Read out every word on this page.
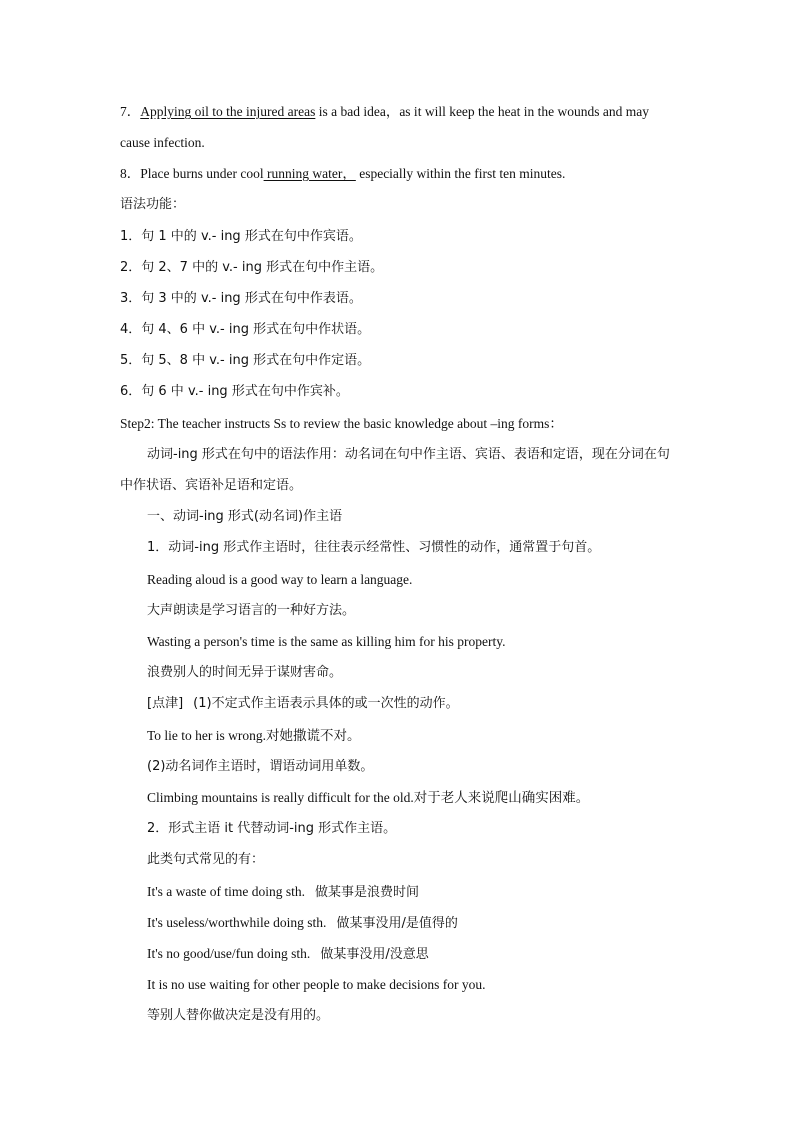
7．Applying oil to the injured areas is a bad idea，as it will keep the heat in the wounds and may
cause infection.
8．Place burns under cool running water， especially within the first ten minutes.
语法功能：
1．句 1 中的 v.- ing 形式在句中作宾语。
2．句 2、7 中的 v.- ing 形式在句中作主语。
3．句 3 中的 v.- ing 形式在句中作表语。
4．句 4、6 中 v.- ing 形式在句中作状语。
5．句 5、8 中 v.- ing 形式在句中作定语。
6．句 6 中 v.- ing 形式在句中作宾补。
Step2: The teacher instructs Ss to review the basic knowledge about –ing forms：
动词-ing 形式在句中的语法作用：动名词在句中作主语、宾语、表语和定语，现在分词在句
中作状语、宾语补足语和定语。
一、动词-ing 形式(动名词)作主语
1．动词-ing 形式作主语时，往往表示经常性、习惯性的动作，通常置于句首。
Reading aloud is a good way to learn a language.
大声朗读是学习语言的一种好方法。
Wasting a person's time is the same as killing him for his property.
浪费别人的时间无异于谋财害命。
[点津] (1)不定式作主语表示具体的或一次性的动作。
To lie to her is wrong.对她撒谎不对。
(2)动名词作主语时，谓语动词用单数。
Climbing mountains is really difficult for the old.对于老人来说爬山确实困难。
2．形式主语 it 代替动词-ing 形式作主语。
此类句式常见的有：
It's a waste of time doing sth. 做某事是浪费时间
It's useless/worthwhile doing sth. 做某事没用/是值得的
It's no good/use/fun doing sth. 做某事没用/没意思
It is no use waiting for other people to make decisions for you.
等别人替你做决定是没有用的。
